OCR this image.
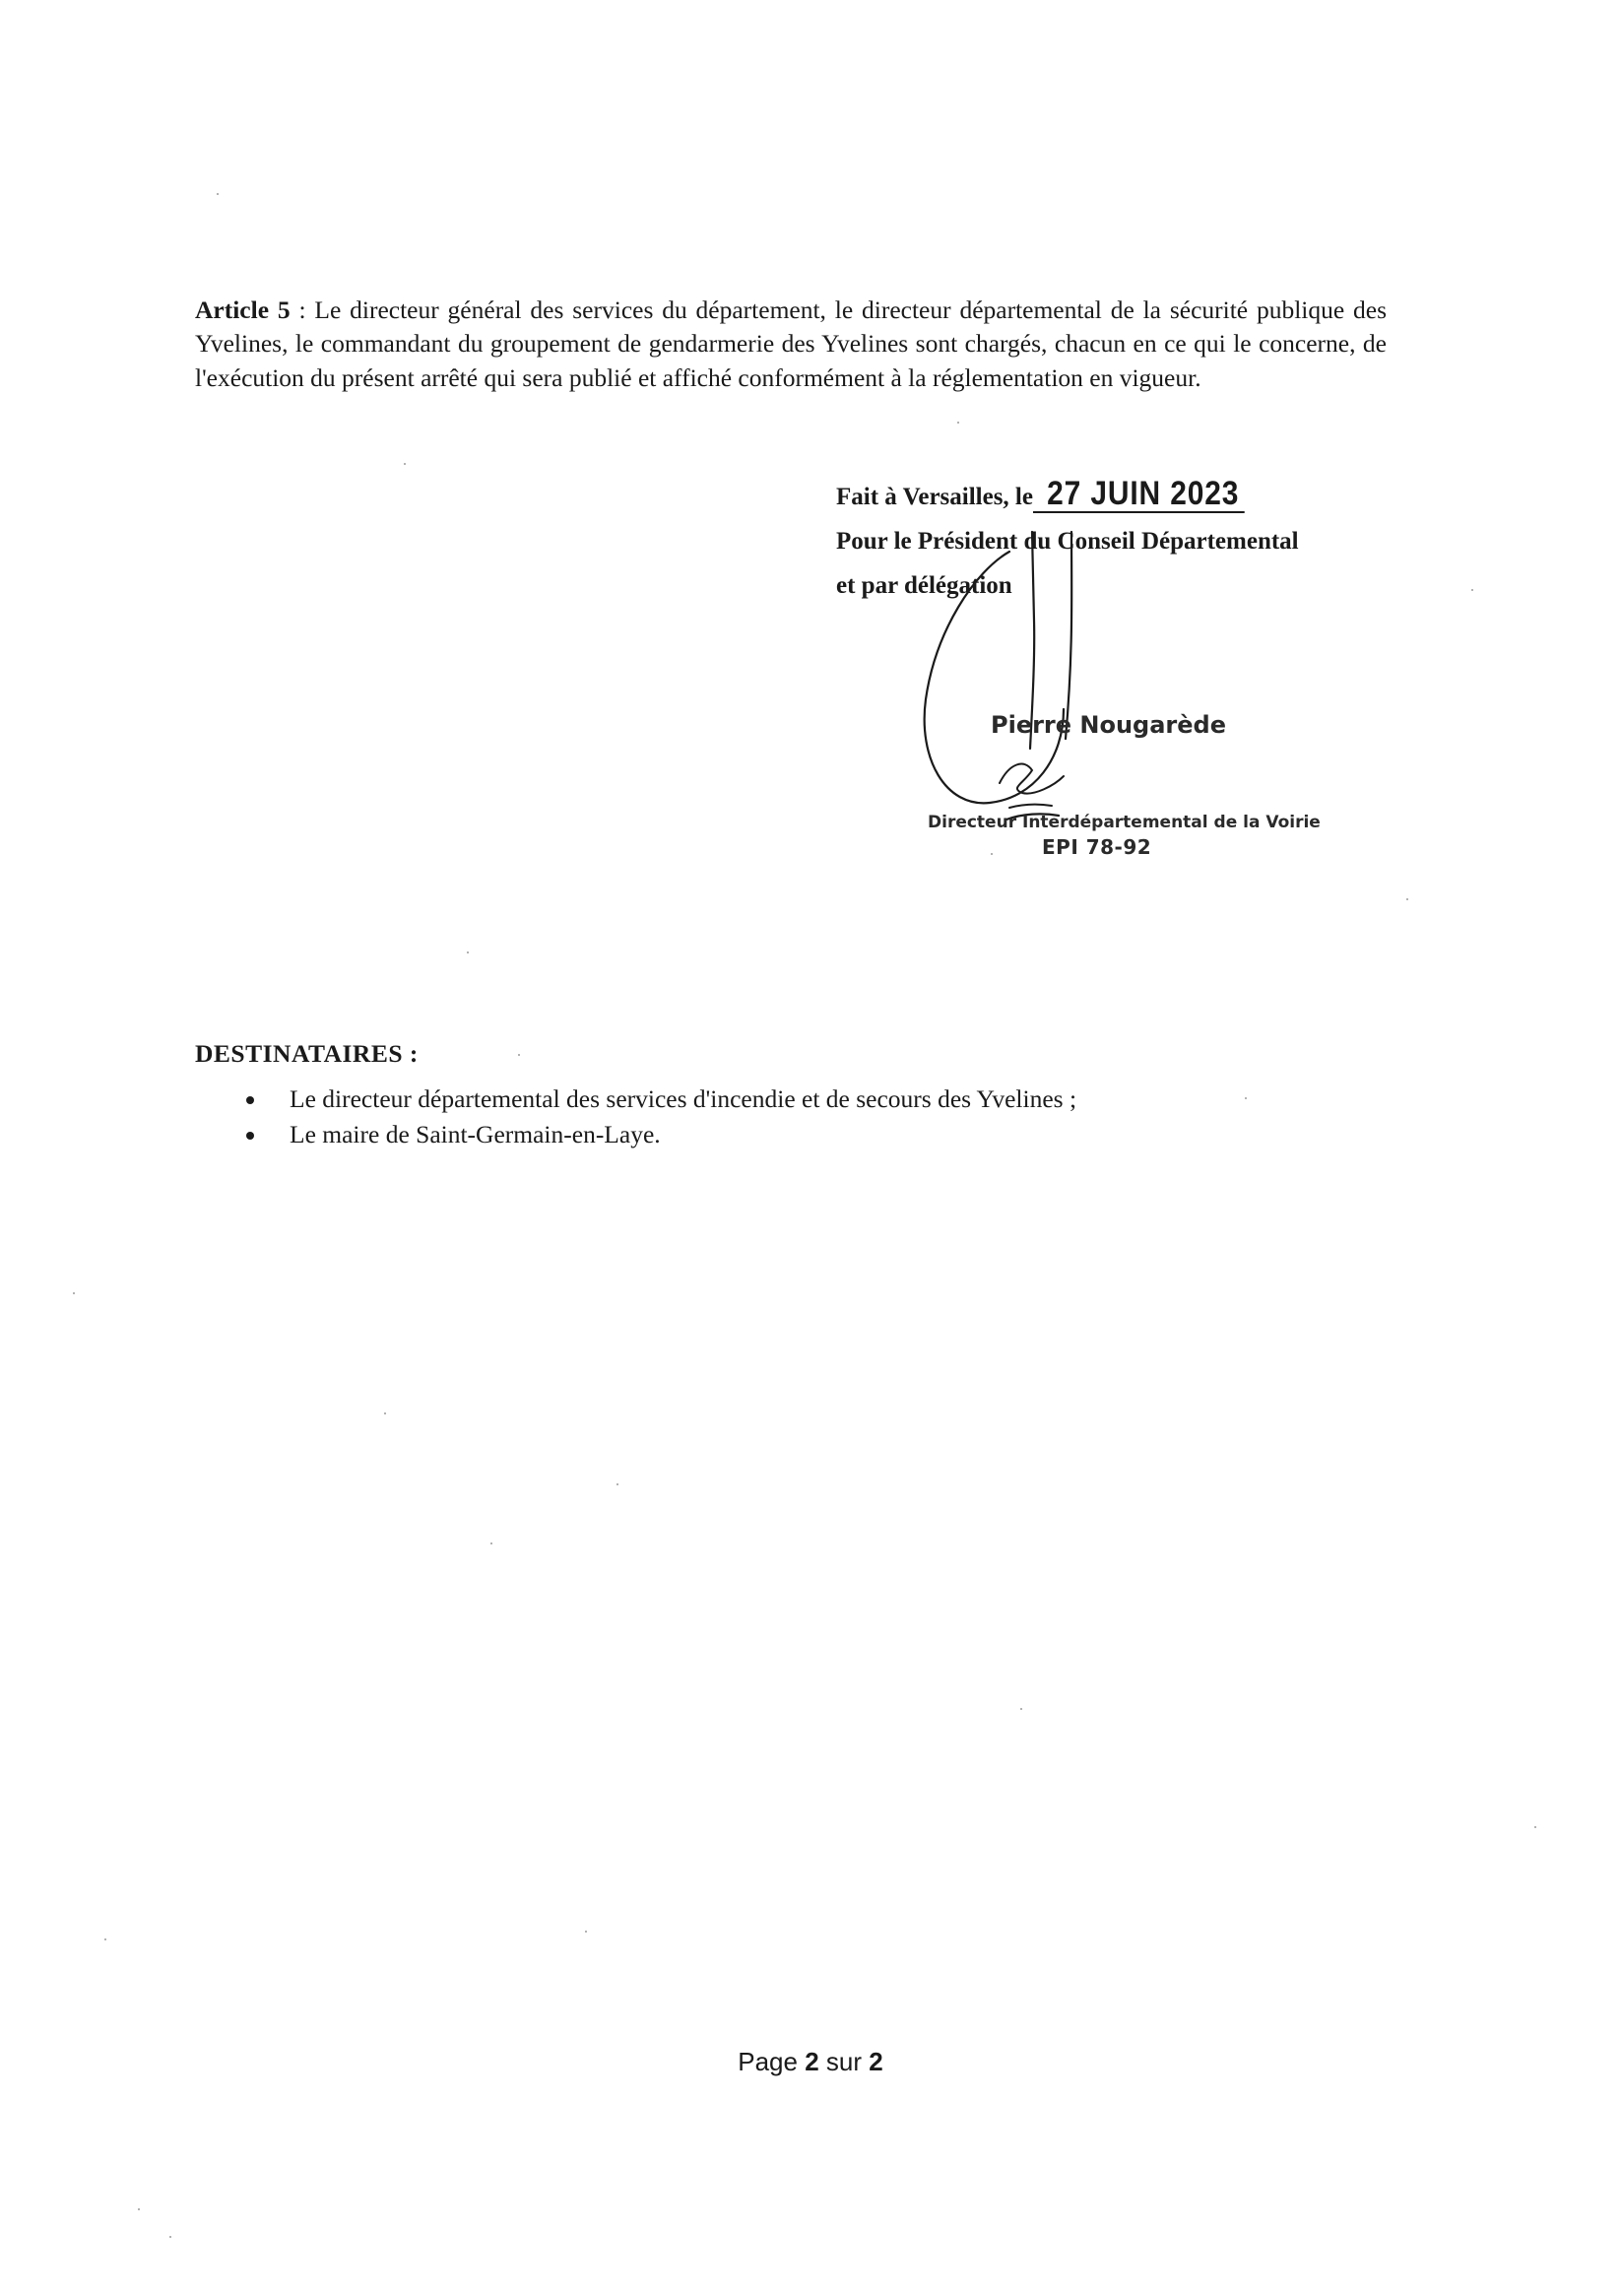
Article 5 : Le directeur général des services du département, le directeur départemental de la sécurité publique des Yvelines, le commandant du groupement de gendarmerie des Yvelines sont chargés, chacun en ce qui le concerne, de l'exécution du présent arrêté qui sera publié et affiché conformément à la réglementation en vigueur.

Fait à Versailles, le 27 JUIN 2023
Pour le Président du Conseil Départemental
et par délégation
Pierre Nougarède
Directeur Interdépartemental de la Voirie
EPI 78-92
DESTINATAIRES :
Le directeur départemental des services d'incendie et de secours des Yvelines ;
Le maire de Saint-Germain-en-Laye.
Page 2 sur 2
